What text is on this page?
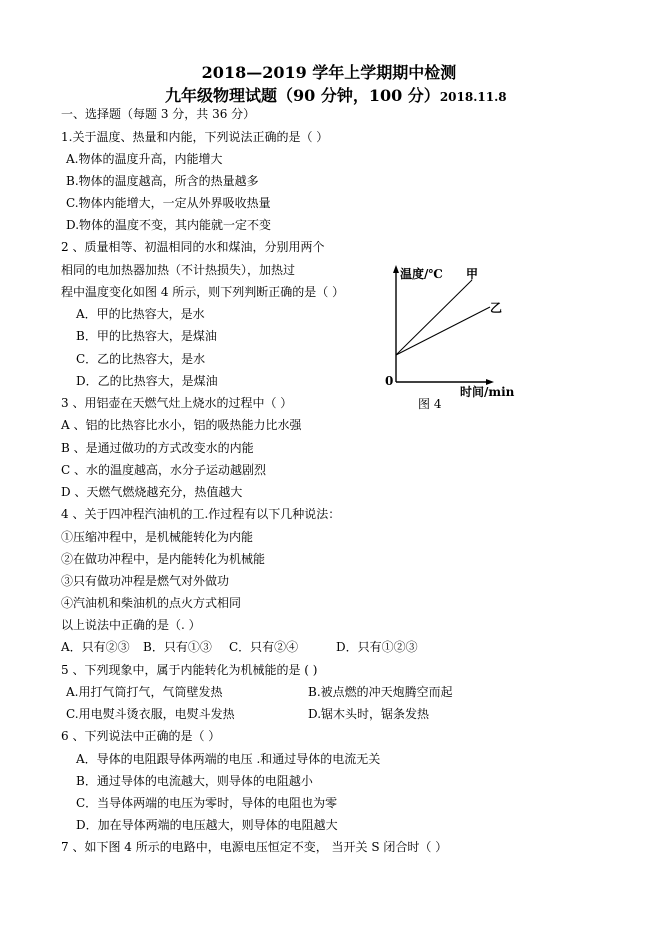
2018—2019 学年上学期期中检测
九年级物理试题（90 分钟，100 分）2018.11.8
一、选择题（每题 3 分，共 36 分）
1.关于温度、热量和内能，下列说法正确的是（ ）
A.物体的温度升高，内能增大
B.物体的温度越高，所含的热量越多
C.物体内能增大，一定从外界吸收热量
D.物体的温度不变，其内能就一定不变
2 、质量相等、初温相同的水和煤油，分别用两个
相同的电加热器加热（不计热损失），加热过
程中温度变化如图 4 所示，则下列判断正确的是（ ）
A．甲的比热容大，是水
B．甲的比热容大，是煤油
C．乙的比热容大，是水
D．乙的比热容大，是煤油
温度/℃ 甲
乙
0
时间/min
图 4
3 、用铝壶在天燃气灶上烧水的过程中（ ）
A 、铝的比热容比水小，铝的吸热能力比水强
B 、是通过做功的方式改变水的内能
C 、水的温度越高，水分子运动越剧烈
D 、天燃气燃烧越充分，热值越大
4 、关于四冲程汽油机的工.作过程有以下几种说法：
①压缩冲程中，是机械能转化为内能
②在做功冲程中，是内能转化为机械能
③只有做功冲程是燃气对外做功
④汽油机和柴油机的点火方式相同
以上说法中正确的是（. ）
A．只有②③ B．只有①③ C．只有②④	D．只有①②③
5 、下列现象中，属于内能转化为机械能的是 ( )
A.用打气筒打气，气筒壁发热	B.被点燃的冲天炮腾空而起
C.用电熨斗烫衣服，电熨斗发热	D.锯木头时，锯条发热
6 、下列说法中正确的是（ ）
A．导体的电阻跟导体两端的电压 .和通过导体的电流无关
B．通过导体的电流越大，则导体的电阻越小
C．当导体两端的电压为零时，导体的电阻也为零
D．加在导体两端的电压越大，则导体的电阻越大
7 、如下图 4 所示的电路中，电源电压恒定不变， 当开关 S 闭合时（ ）
